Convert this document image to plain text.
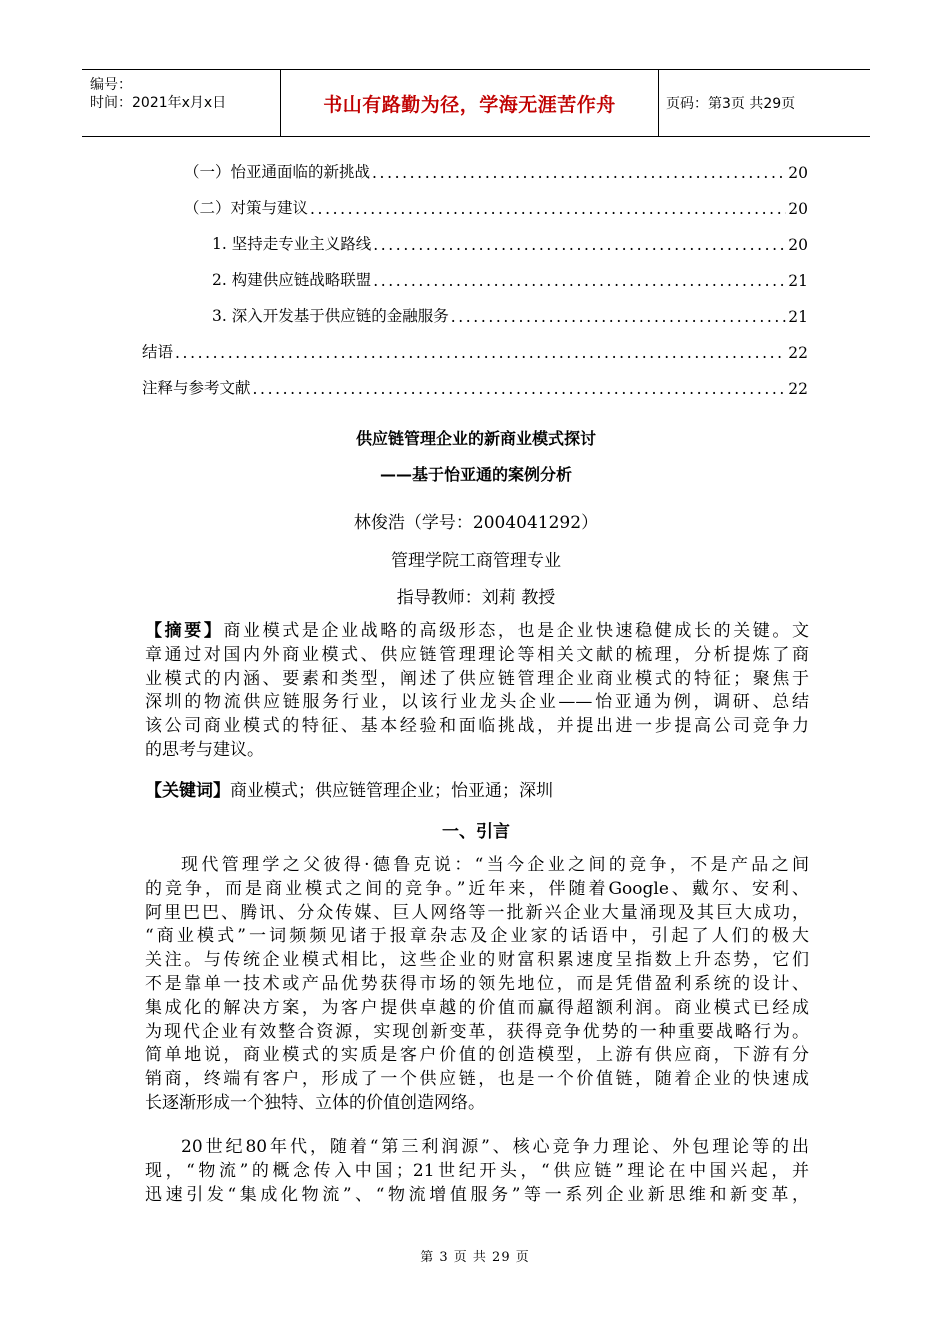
编号：
时间：2021年x月x日	书山有路勤为径，学海无涯苦作舟	页码：第3页 共29页
（一）怡亚通面临的新挑战 .....	20
（二）对策与建议 .....	20
1. 坚持走专业主义路线 .....	20
2. 构建供应链战略联盟 .....	21
3. 深入开发基于供应链的金融服务 .....	21
结语 .....	22
注释与参考文献 .....	22
供应链管理企业的新商业模式探讨
——基于怡亚通的案例分析
林俊浩（学号：2004041292）
管理学院工商管理专业
指导教师：刘莉 教授
【摘要】商业模式是企业战略的高级形态，也是企业快速稳健成长的关键。文
章通过对国内外商业模式、供应链管理理论等相关文献的梳理，分析提炼了商
业模式的内涵、要素和类型，阐述了供应链管理企业商业模式的特征；聚焦于
深圳的物流供应链服务行业，以该行业龙头企业——怡亚通为例，调研、总结
该公司商业模式的特征、基本经验和面临挑战，并提出进一步提高公司竞争力
的思考与建议。
【关键词】商业模式；供应链管理企业；怡亚通；深圳
一、引言
现代管理学之父彼得·德鲁克说：“当今企业之间的竞争，不是产品之间
的竞争，而是商业模式之间的竞争。”近年来，伴随着Google、戴尔、安利、
阿里巴巴、腾讯、分众传媒、巨人网络等一批新兴企业大量涌现及其巨大成功，
“商业模式”一词频频见诸于报章杂志及企业家的话语中，引起了人们的极大
关注。与传统企业模式相比，这些企业的财富积累速度呈指数上升态势，它们
不是靠单一技术或产品优势获得市场的领先地位，而是凭借盈利系统的设计、
集成化的解决方案，为客户提供卓越的价值而赢得超额利润。商业模式已经成
为现代企业有效整合资源，实现创新变革，获得竞争优势的一种重要战略行为。
简单地说，商业模式的实质是客户价值的创造模型，上游有供应商，下游有分
销商，终端有客户，形成了一个供应链，也是一个价值链，随着企业的快速成
长逐渐形成一个独特、立体的价值创造网络。
20世纪80年代，随着“第三利润源”、核心竞争力理论、外包理论等的出
现，“物流”的概念传入中国；21世纪开头，“供应链”理论在中国兴起，并
迅速引发“集成化物流”、“物流增值服务”等一系列企业新思维和新变革，
第 3 页 共 29 页
